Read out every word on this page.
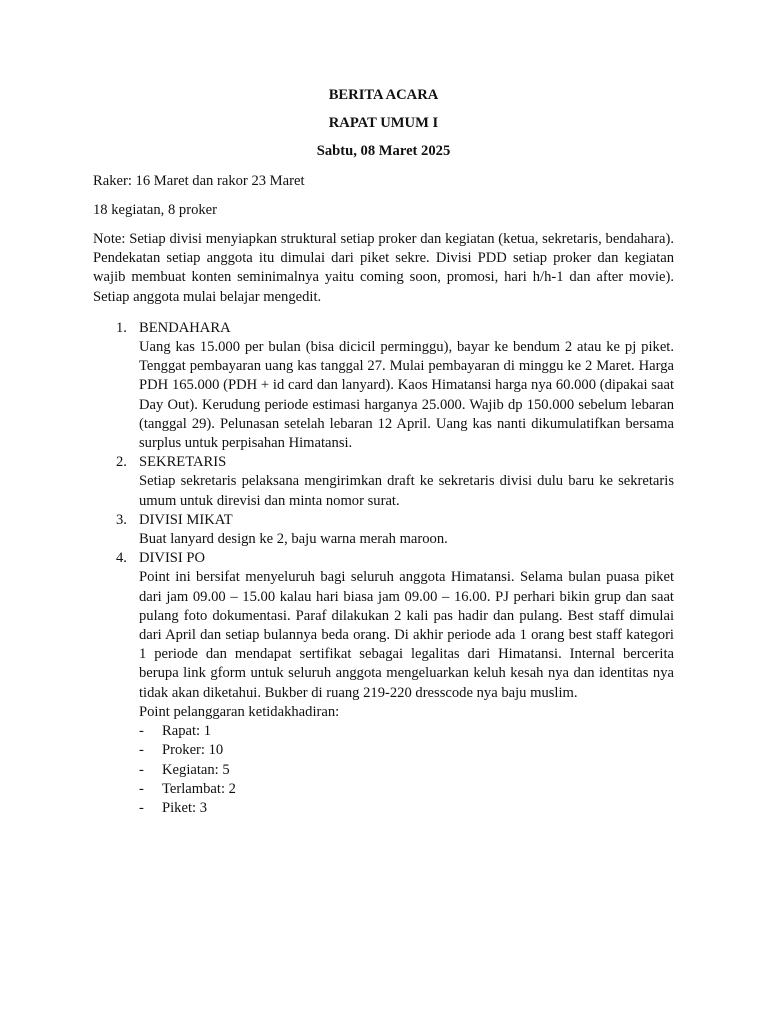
BERITA ACARA

RAPAT UMUM I

Sabtu, 08 Maret 2025

Raker: 16 Maret dan rakor 23 Maret

18 kegiatan, 8 proker

Note: Setiap divisi menyiapkan struktural setiap proker dan kegiatan (ketua, sekretaris, bendahara). Pendekatan setiap anggota itu dimulai dari piket sekre. Divisi PDD setiap proker dan kegiatan wajib membuat konten seminimalnya yaitu coming soon, promosi, hari h/h-1 dan after movie). Setiap anggota mulai belajar mengedit.

1. BENDAHARA
Uang kas 15.000 per bulan (bisa dicicil perminggu), bayar ke bendum 2 atau ke pj piket. Tenggat pembayaran uang kas tanggal 27. Mulai pembayaran di minggu ke 2 Maret. Harga PDH 165.000 (PDH + id card dan lanyard). Kaos Himatansi harga nya 60.000 (dipakai saat Day Out). Kerudung periode estimasi harganya 25.000. Wajib dp 150.000 sebelum lebaran (tanggal 29). Pelunasan setelah lebaran 12 April. Uang kas nanti dikumulatifkan bersama surplus untuk perpisahan Himatansi.
2. SEKRETARIS
Setiap sekretaris pelaksana mengirimkan draft ke sekretaris divisi dulu baru ke sekretaris umum untuk direvisi dan minta nomor surat.
3. DIVISI MIKAT
Buat lanyard design ke 2, baju warna merah maroon.
4. DIVISI PO
Point ini bersifat menyeluruh bagi seluruh anggota Himatansi. Selama bulan puasa piket dari jam 09.00 – 15.00 kalau hari biasa jam 09.00 – 16.00. PJ perhari bikin grup dan saat pulang foto dokumentasi. Paraf dilakukan 2 kali pas hadir dan pulang. Best staff dimulai dari April dan setiap bulannya beda orang. Di akhir periode ada 1 orang best staff kategori 1 periode dan mendapat sertifikat sebagai legalitas dari Himatansi. Internal bercerita berupa link gform untuk seluruh anggota mengeluarkan keluh kesah nya dan identitas nya tidak akan diketahui. Bukber di ruang 219-220 dresscode nya baju muslim.
Point pelanggaran ketidakhadiran:
- Rapat: 1
- Proker: 10
- Kegiatan: 5
- Terlambat: 2
- Piket: 3
